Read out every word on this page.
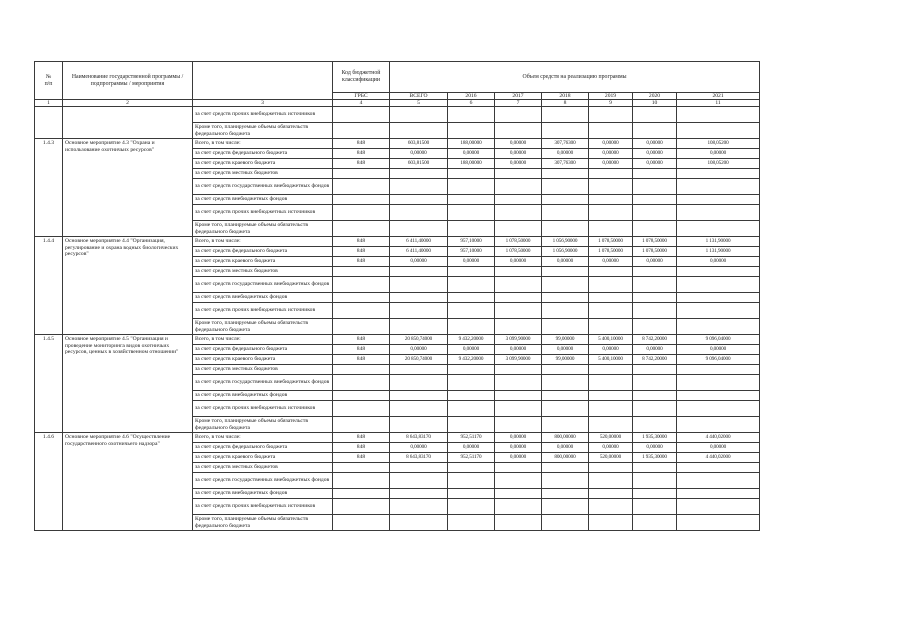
№
п/п	Наименование государственной программы / подпрограммы / мероприятия		Код бюджетной классификации	Объем средств на реализацию программы						
			ГРБС	ВСЕГО	2016	2017	2018	2019	2020	2021
1	2	3	4	5	6	7	8	9	10	11
		за счет средств прочих внебюджетных источников								
		Кроме того, планируемые объемы обязательств федерального бюджета								
1.4.3	Основное мероприятие 4.3 "Охрана и использование охотничьих ресурсов"	Всего, в том числе:	848	603,81500	188,00000	0,00000	307,76300	0,00000	0,00000	108,05200
		за счет средств федерального бюджета	848	0,00000	0,00000	0,00000	0,00000	0,00000	0,00000	0,00000
		за счет средств краевого бюджета	848	603,81500	188,00000	0,00000	307,76300	0,00000	0,00000	108,05200
		за счет средств местных бюджетов								
		за счет средств государственных внебюджетных фондов								
		за счет средств внебюджетных фондов								
		за счет средств прочих внебюджетных источников								
		Кроме того, планируемые объемы обязательств федерального бюджета								
1.4.4	Основное мероприятие 4.4 "Организация, регулирование и охрана водных биологических ресурсов"	Всего, в том числе:	848	6 411,40000	957,10000	1 078,50000	1 056,90000	1 078,50000	1 078,50000	1 131,90000
		за счет средств федерального бюджета	848	6 411,40000	957,10000	1 078,50000	1 056,90000	1 078,50000	1 078,50000	1 131,90000
		за счет средств краевого бюджета	848	0,00000	0,00000	0,00000	0,00000	0,00000	0,00000	0,00000
		за счет средств местных бюджетов								
		за счет средств государственных внебюджетных фондов								
		за счет средств внебюджетных фондов								
		за счет средств прочих внебюджетных источников								
		Кроме того, планируемые объемы обязательств федерального бюджета								
1.4.5	Основное мероприятие 4.5 "Организация и проведение мониторинга видов охотничьих ресурсов, ценных в хозяйственном отношении"	Всего, в том числе:	848	20 850,74000	9 432,20000	3 099,90000	99,00000	5 400,10000	8 742,20000	9 096,04000
		за счет средств федерального бюджета	848	0,00000	0,00000	0,00000	0,00000	0,00000	0,00000	0,00000
		за счет средств краевого бюджета	848	20 850,74000	9 432,20000	3 099,90000	99,00000	5 400,10000	8 742,20000	9 096,04000
		за счет средств местных бюджетов								
		за счет средств государственных внебюджетных фондов								
		за счет средств внебюджетных фондов								
		за счет средств прочих внебюджетных источников								
		Кроме того, планируемые объемы обязательств федерального бюджета								
1.4.6	Основное мероприятие 4.6 "Осуществление государственного охотничьего надзора"	Всего, в том числе:	848	8 643,83170	952,51170	0,00000	800,00000	520,00000	1 935,30000	4 440,02000
		за счет средств федерального бюджета	848	0,00000	0,00000	0,00000	0,00000	0,00000	0,00000	0,00000
		за счет средств краевого бюджета	848	8 643,83170	952,51170	0,00000	800,00000	520,00000	1 935,30000	4 440,02000
		за счет средств местных бюджетов								
		за счет средств государственных внебюджетных фондов								
		за счет средств внебюджетных фондов								
		за счет средств прочих внебюджетных источников								
		Кроме того, планируемые объемы обязательств федерального бюджета								
